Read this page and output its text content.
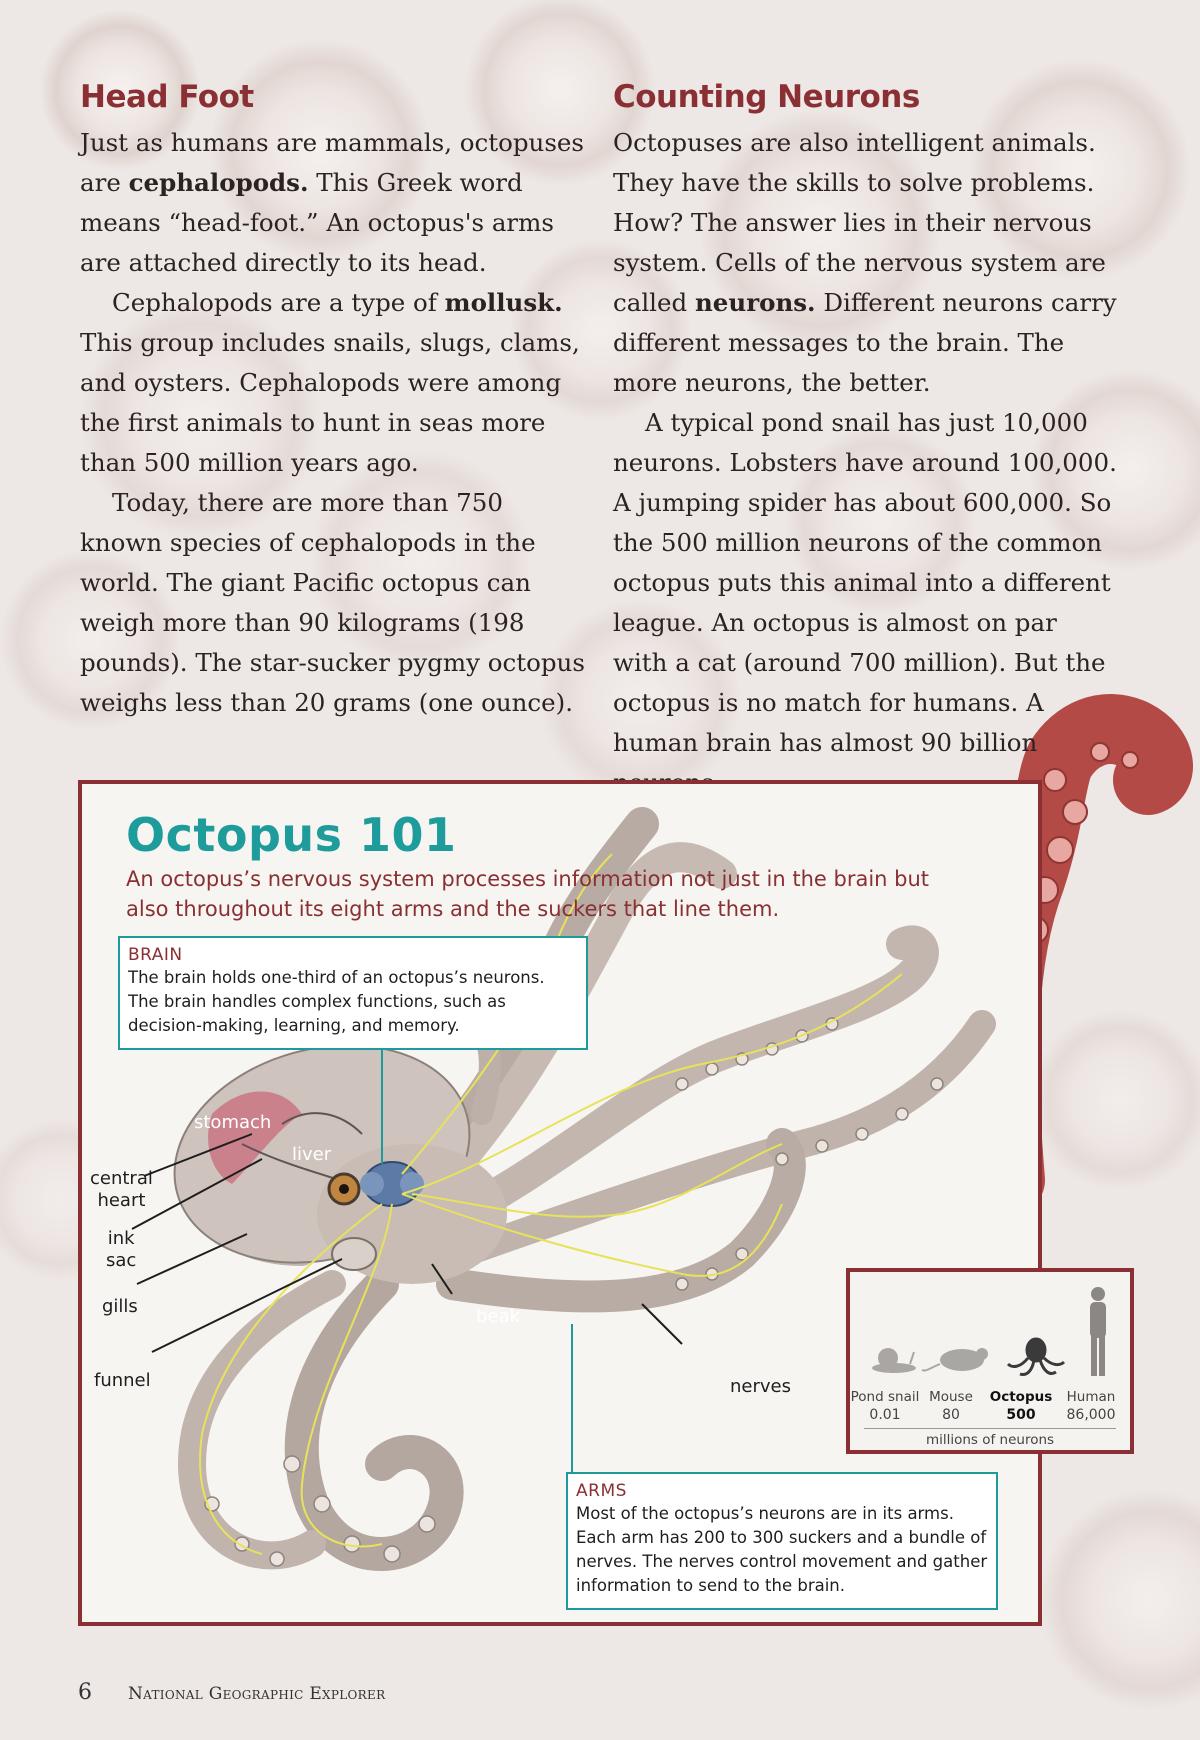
Head Foot

Just as humans are mammals, octopuses are cephalopods. This Greek word means “head-foot.” An octopus's arms are attached directly to its head.

Cephalopods are a type of mollusk. This group includes snails, slugs, clams, and oysters. Cephalopods were among the first animals to hunt in seas more than 500 million years ago.

Today, there are more than 750 known species of cephalopods in the world. The giant Pacific octopus can weigh more than 90 kilograms (198 pounds). The star-sucker pygmy octopus weighs less than 20 grams (one ounce).

Counting Neurons

Octopuses are also intelligent animals. They have the skills to solve problems. How? The answer lies in their nervous system. Cells of the nervous system are called neurons. Different neurons carry different messages to the brain. The more neurons, the better.

A typical pond snail has just 10,000 neurons. Lobsters have around 100,000. A jumping spider has about 600,000. So the 500 million neurons of the common octopus puts this animal into a different league. An octopus is almost on par with a cat (around 700 million). But the octopus is no match for humans. A human brain has almost 90 billion

Octopus 101
An octopus’s nervous system processes information not just in the brain but also throughout its eight arms and the suckers that line them.
BRAIN
The brain holds one-third of an octopus’s neurons. The brain handles complex functions, such as decision-making, learning, and memory.
ARMS
Most of the octopus’s neurons are in its arms. Each arm has 200 to 300 suckers and a bundle of nerves. The nerves control movement and gather information to send to the brain.
stomach
liver
central
heart
ink
sac
gills
funnel
beak
nerves	Pond snail
0.01
Mouse
80
Octopus
500
Human
86,000
millions of neurons
6 National Geographic Explorer
